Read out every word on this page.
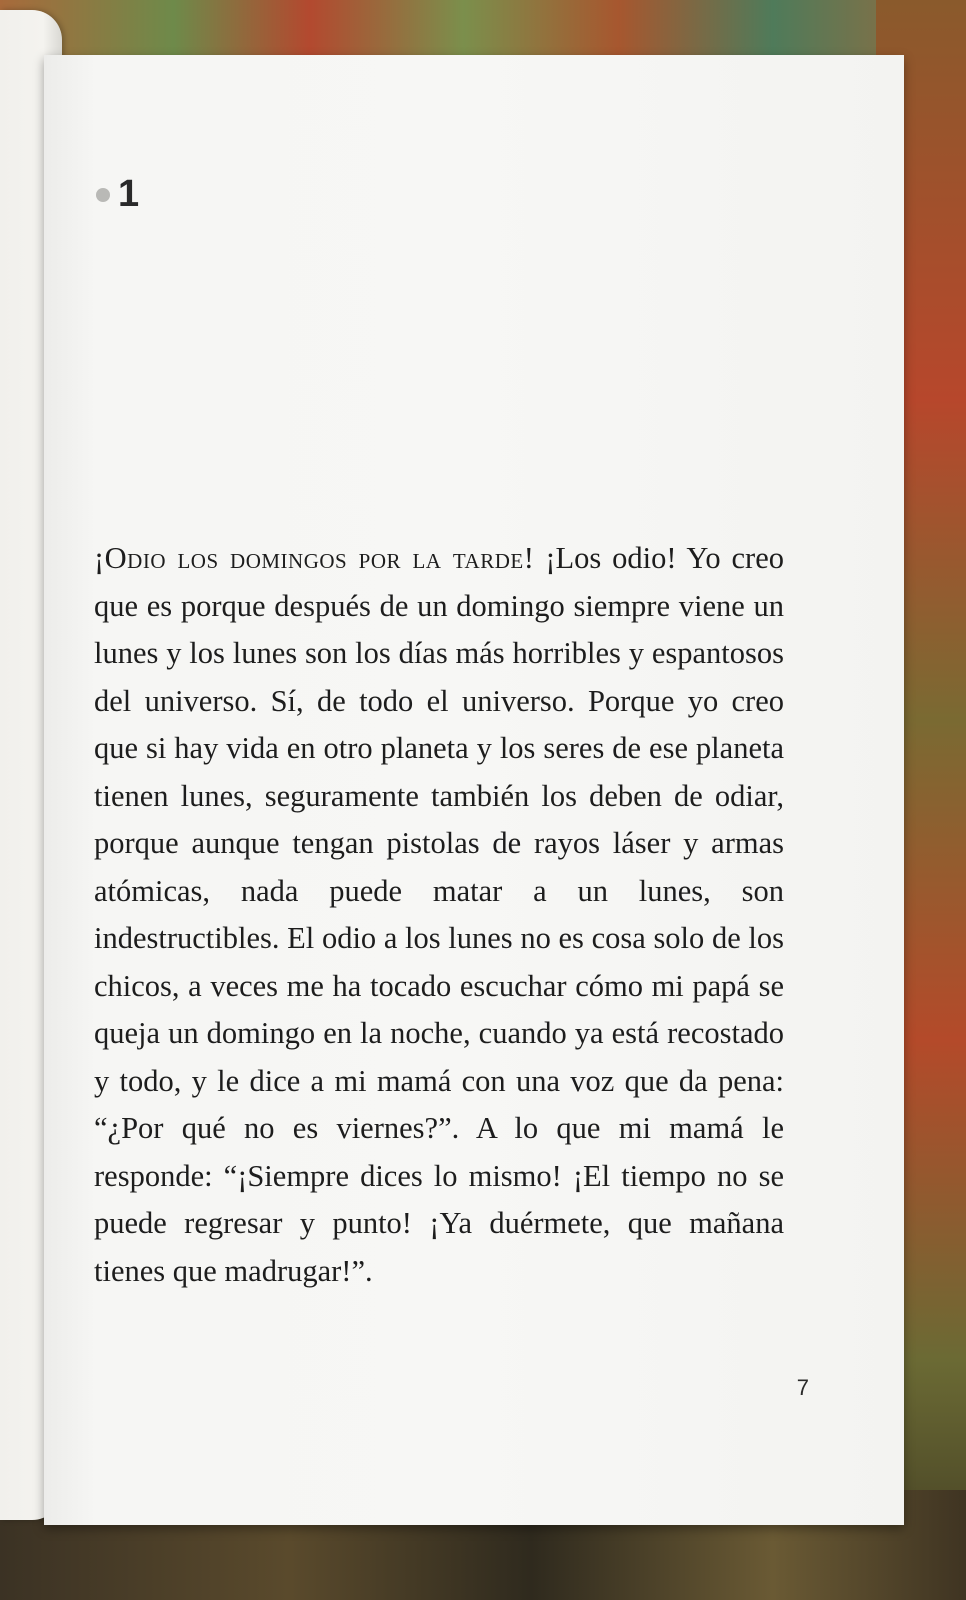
1

¡Odio los domingos por la tarde! ¡Los odio! Yo creo que es porque después de un domingo siempre viene un lunes y los lunes son los días más horribles y espantosos del universo. Sí, de todo el universo. Porque yo creo que si hay vida en otro planeta y los seres de ese planeta tienen lunes, seguramente también los deben de odiar, porque aunque tengan pistolas de rayos láser y armas atómicas, nada puede matar a un lunes, son indestructibles. El odio a los lunes no es cosa solo de los chicos, a veces me ha tocado escuchar cómo mi papá se queja un domingo en la noche, cuando ya está recostado y todo, y le dice a mi mamá con una voz que da pena: “¿Por qué no es viernes?”. A lo que mi mamá le responde: “¡Siempre dices lo mismo! ¡El tiempo no se puede regresar y punto! ¡Ya duérmete, que mañana tienes que madrugar!”.

7
